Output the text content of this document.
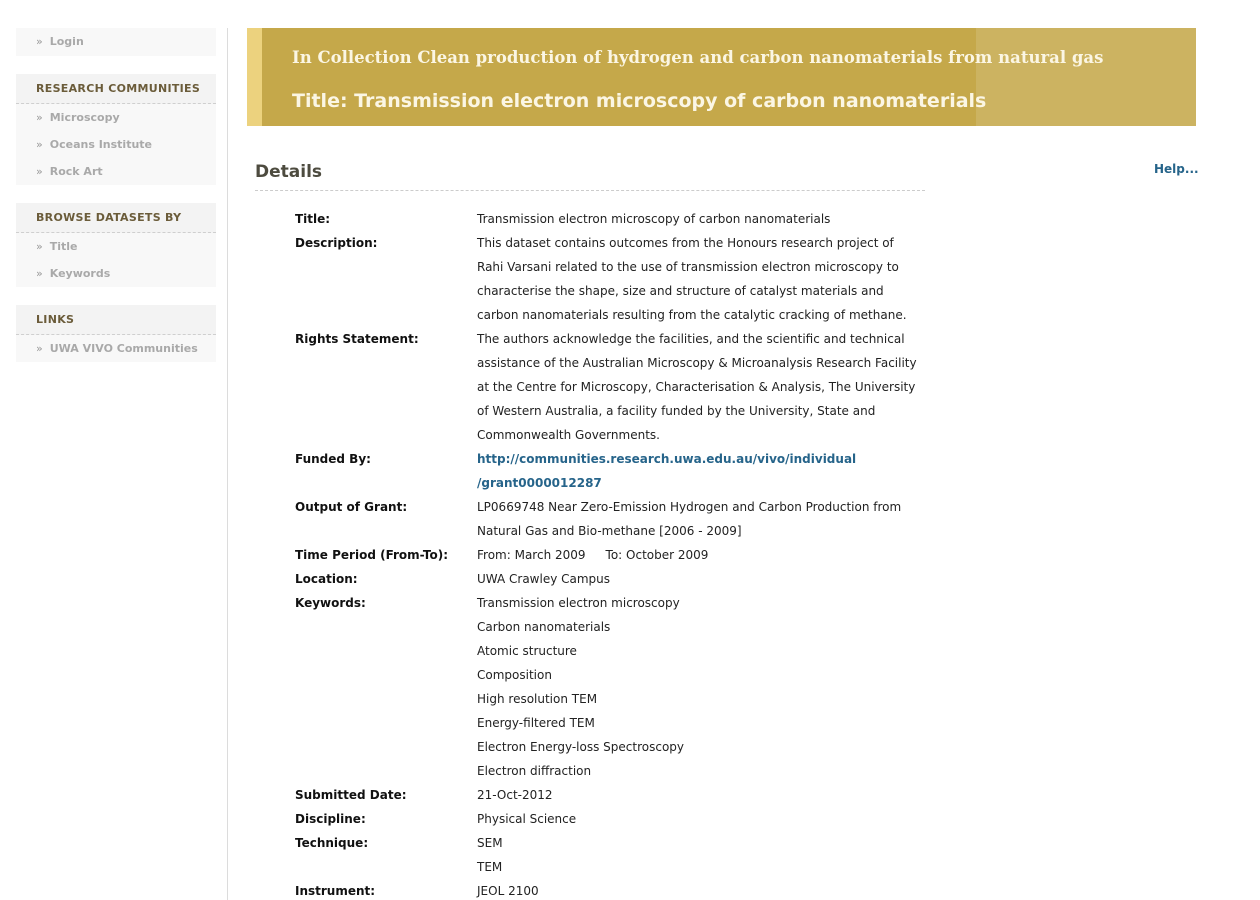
» Login
RESEARCH COMMUNITIES
» Microscopy
» Oceans Institute
» Rock Art
BROWSE DATASETS BY
» Title
» Keywords
LINKS
» UWA VIVO Communities
In Collection Clean production of hydrogen and carbon nanomaterials from natural gas
Title: Transmission electron microscopy of carbon nanomaterials
Details	Help...
Title:	Transmission electron microscopy of carbon nanomaterials
Description:	This dataset contains outcomes from the Honours research project of
Rahi Varsani related to the use of transmission electron microscopy to
characterise the shape, size and structure of catalyst materials and
carbon nanomaterials resulting from the catalytic cracking of methane.
Rights Statement:	The authors acknowledge the facilities, and the scientific and technical
assistance of the Australian Microscopy & Microanalysis Research Facility
at the Centre for Microscopy, Characterisation & Analysis, The University
of Western Australia, a facility funded by the University, State and
Commonwealth Governments.
Funded By:	http://communities.research.uwa.edu.au/vivo/individual
/grant0000012287
Output of Grant:	LP0669748 Near Zero-Emission Hydrogen and Carbon Production from
Natural Gas and Bio-methane [2006 - 2009]
Time Period (From-To):	From: March 2009 To: October 2009
Location:	UWA Crawley Campus
Keywords:	Transmission electron microscopy
Carbon nanomaterials
Atomic structure
Composition
High resolution TEM
Energy-filtered TEM
Electron Energy-loss Spectroscopy
Electron diffraction
Submitted Date:	21-Oct-2012
Discipline:	Physical Science
Technique:	SEM
TEM
Instrument:	JEOL 2100
